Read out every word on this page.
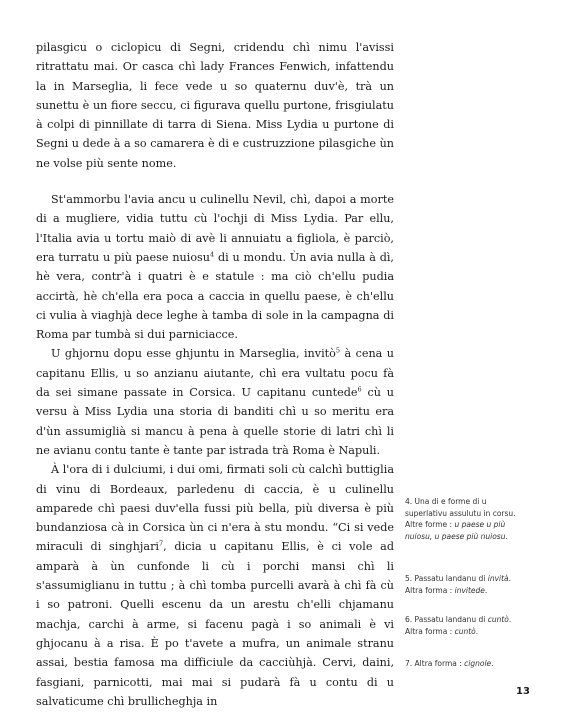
pilasgicu o ciclopicu di Segni, cridendu chì nimu l'avissi ritrattatu mai. Or casca chì lady Frances Fenwich, infattendu la in Marseglia, li fece vede u so quaternu duv'è, trà un sunettu è un fiore seccu, ci figurava quellu purtone, frisgiulatu à colpi di pinnillate di tarra di Siena. Miss Lydia u purtone di Segni u dede à a so camarera è di e custruzzione pilasgiche ùn ne volse più sente nome.

St'ammorbu l'avia ancu u culinellu Nevil, chì, dapoi a morte di a mugliere, vidia tuttu cù l'ochji di Miss Lydia. Par ellu, l'Italia avia u tortu maiò di avè li annuiatu a figliola, è parciò, era turratu u più paese nuiosu$^4$ di u mondu. Ùn avia nulla à dì, hè vera, contr'à i quatri è e statule : ma ciò ch'ellu pudia accirtà, hè ch'ella era poca a caccia in quellu paese, è ch'ellu ci vulia à viaghjà dece leghe à tamba di sole in la campagna di Roma par tumbà si dui parniciacce.

U ghjornu dopu esse ghjuntu in Marseglia, invitò$^5$ à cena u capitanu Ellis, u so anzianu aiutante, chì era vultatu pocu fà da sei simane passate in Corsica. U capitanu cuntede$^6$ cù u versu à Miss Lydia una storia di banditi chì u so meritu era d'ùn assumiglià si mancu à pena à quelle storie di latri chì li ne avianu contu tante è tante par istrada trà Roma è Napuli.

À l'ora di i dulciumi, i dui omi, firmati soli cù calchì buttiglia di vinu di Bordeaux, parledenu di caccia, è u culinellu amparede chì paesi duv'ella fussi più bella, più diversa è più bundanziosa cà in Corsica ùn ci n'era à stu mondu. “Ci si vede miraculi di singhjari$^7$, dicia u capitanu Ellis, è ci vole ad amparà à ùn cunfonde li cù i porchi mansi chì li s'assumiglianu in tuttu ; à chì tomba purcelli avarà à chì fà cù i so patroni. Quelli escenu da un arestu ch'elli chjamanu machja, carchi à arme, si facenu pagà i so animali è vi ghjocanu à a risa. È po t'avete a mufra, un animale stranu assai, bestia famosa ma difficiule da cacciùhjà. Cervi, daini, fasgiani, parnicotti, mai mai si pudarà fà u contu di u salvaticume chì brullicheghja in

4. Una di e forme di u superlativu assulutu in corsu. Altre forme : u paese u più nuiosu, u paese più nuiosu.

5. Passatu landanu di invità. Altra forma : invitede.

6. Passatu landanu di cuntò. Altra forma : cuntò.

7. Altra forma : cignole.

13
